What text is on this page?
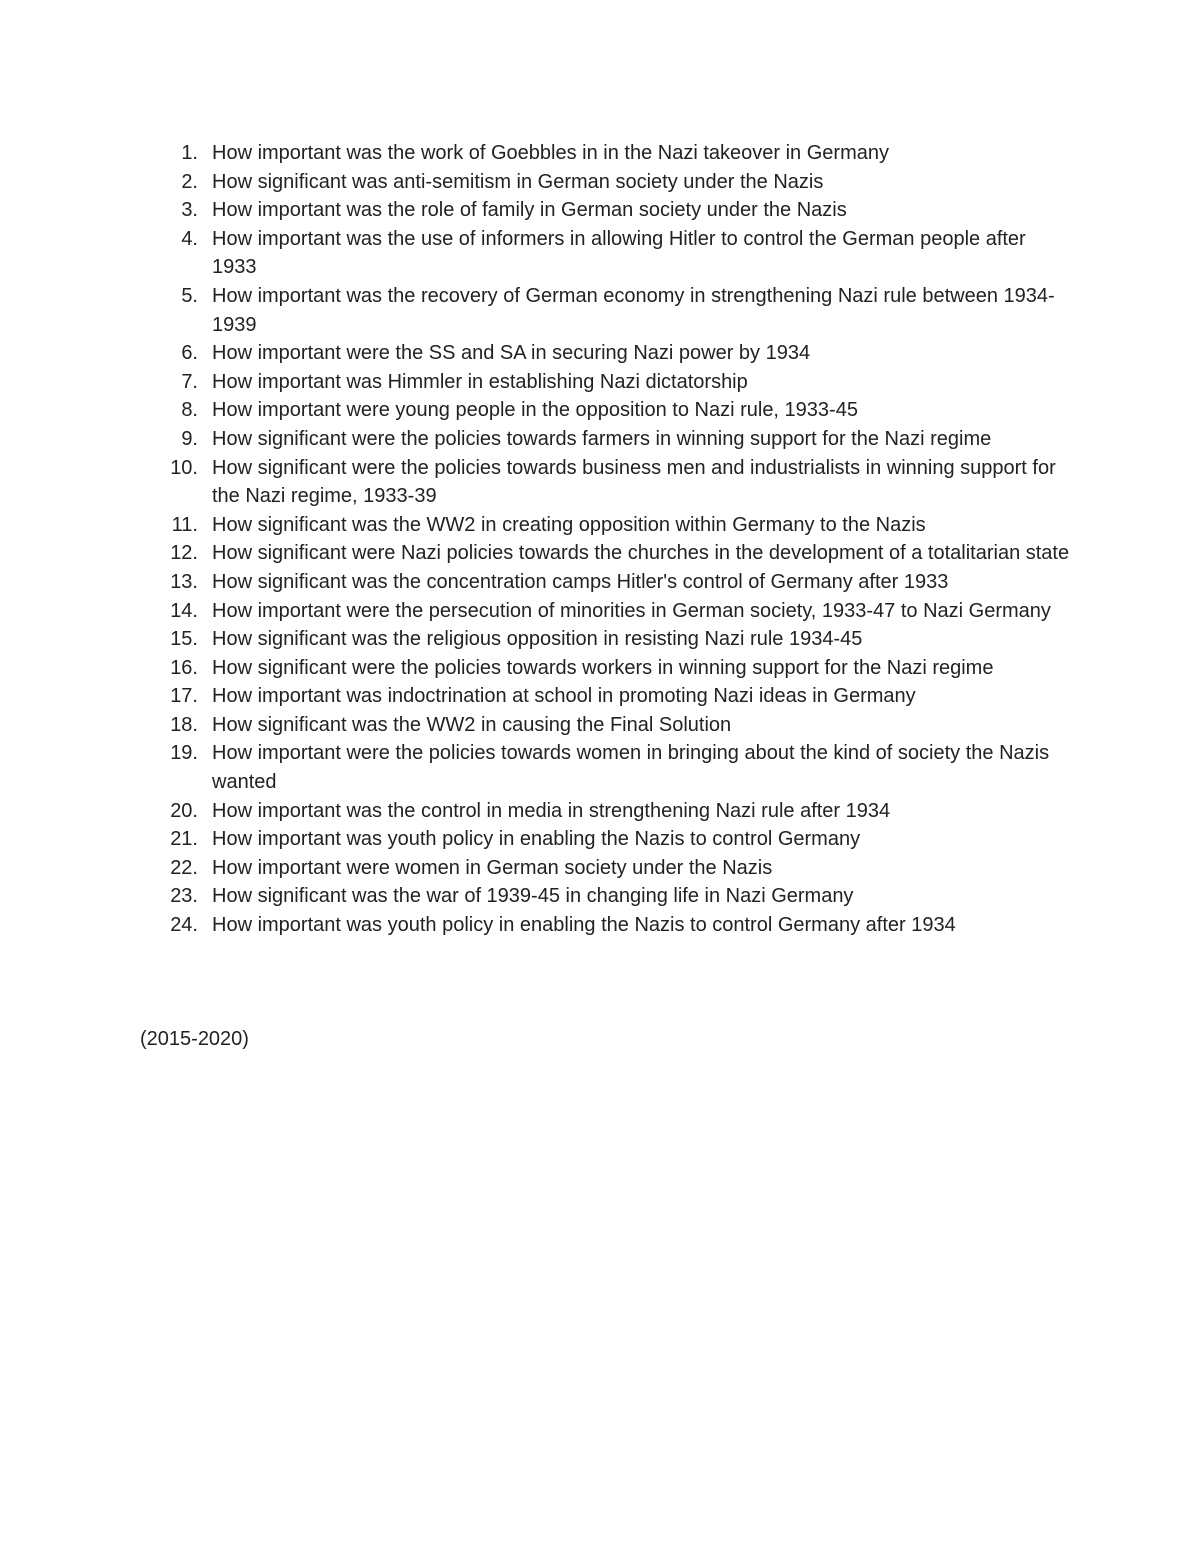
1. How important was the work of Goebbles in in the Nazi takeover in Germany
2. How significant was anti-semitism in German society under the Nazis
3. How important was the role of family in German society under the Nazis
4. How important was the use of informers in allowing Hitler to control the German people after 1933
5. How important was the recovery of German economy in strengthening Nazi rule between 1934-1939
6. How important were the SS and SA in securing Nazi power by 1934
7. How important was Himmler in establishing Nazi dictatorship
8. How important were young people in the opposition to Nazi rule, 1933-45
9. How significant were the policies towards farmers in winning support for the Nazi regime
10. How significant were the policies towards business men and industrialists in winning support for the Nazi regime, 1933-39
11. How significant was the WW2 in creating opposition within Germany to the Nazis
12. How significant were Nazi policies towards the churches in the development of a totalitarian state
13. How significant was the concentration camps Hitler's control of Germany after 1933
14. How important were the persecution of minorities in German society, 1933-47 to Nazi Germany
15. How significant was the religious opposition in resisting Nazi rule 1934-45
16. How significant were the policies towards workers in winning support for the Nazi regime
17. How important was indoctrination at school in promoting Nazi ideas in Germany
18. How significant was the WW2 in causing the Final Solution
19. How important were the policies towards women in bringing about the kind of society the Nazis wanted
20. How important was the control in media in strengthening Nazi rule after 1934
21. How important was youth policy in enabling the Nazis to control Germany
22. How important were women in German society under the Nazis
23. How significant was the war of 1939-45 in changing life in Nazi Germany
24. How important was youth policy in enabling the Nazis to control Germany after 1934
(2015-2020)
